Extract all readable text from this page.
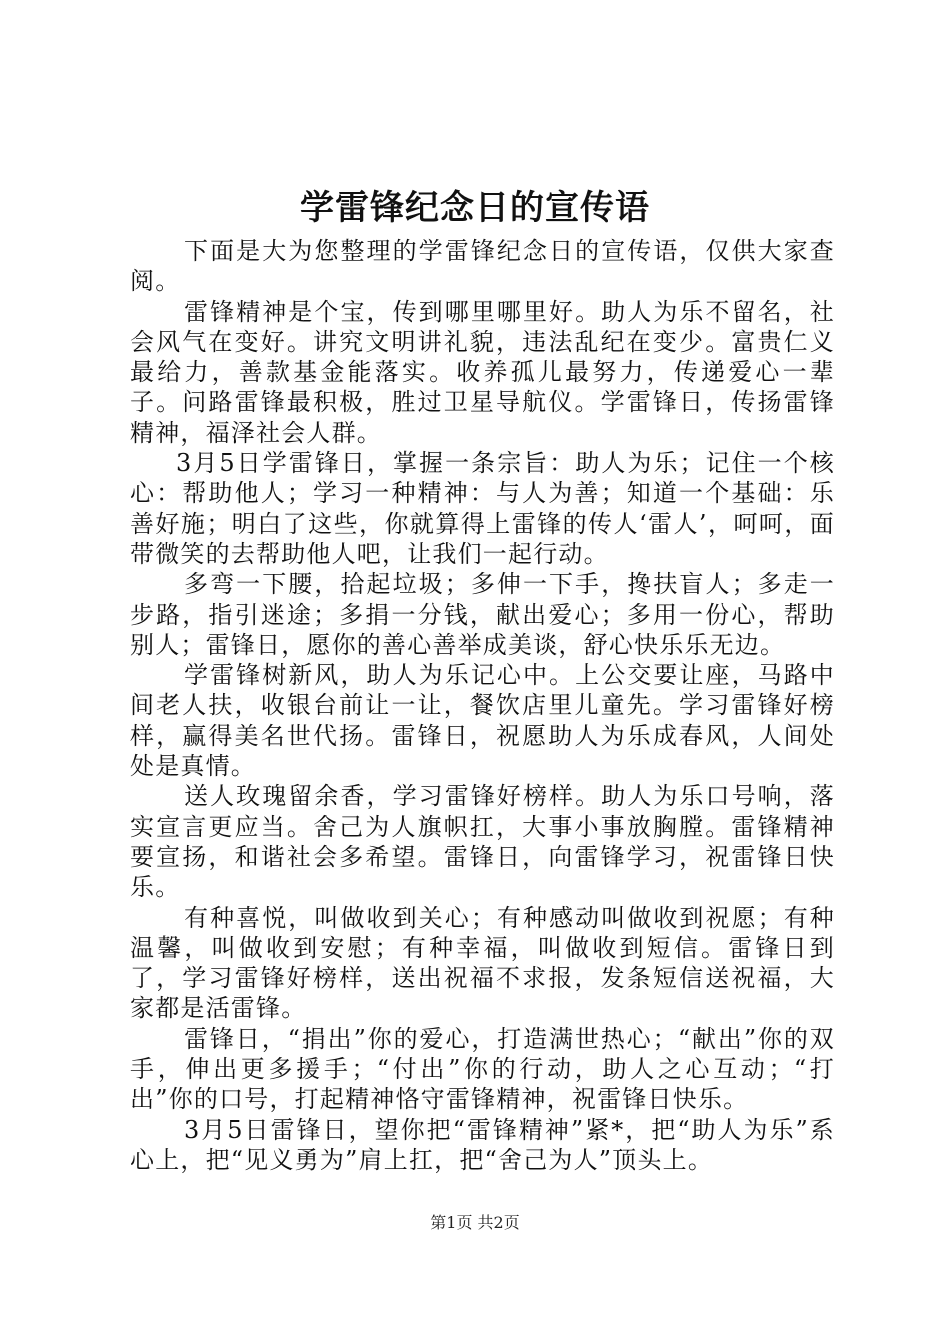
学雷锋纪念日的宣传语

下面是大为您整理的学雷锋纪念日的宣传语，仅供大家查阅。

雷锋精神是个宝，传到哪里哪里好。助人为乐不留名，社会风气在变好。讲究文明讲礼貌，违法乱纪在变少。富贵仁义最给力，善款基金能落实。收养孤儿最努力，传递爱心一辈子。问路雷锋最积极，胜过卫星导航仪。学雷锋日，传扬雷锋精神，福泽社会人群。

3月5日学雷锋日，掌握一条宗旨：助人为乐；记住一个核心：帮助他人；学习一种精神：与人为善；知道一个基础：乐善好施；明白了这些，你就算得上雷锋的传人‘雷人’，呵呵，面带微笑的去帮助他人吧，让我们一起行动。

多弯一下腰，拾起垃圾；多伸一下手，搀扶盲人；多走一步路，指引迷途；多捐一分钱，献出爱心；多用一份心，帮助别人；雷锋日，愿你的善心善举成美谈，舒心快乐乐无边。

学雷锋树新风，助人为乐记心中。上公交要让座，马路中间老人扶，收银台前让一让，餐饮店里儿童先。学习雷锋好榜样，赢得美名世代扬。雷锋日，祝愿助人为乐成春风，人间处处是真情。

送人玫瑰留余香，学习雷锋好榜样。助人为乐口号响，落实宣言更应当。舍己为人旗帜扛，大事小事放胸膛。雷锋精神要宣扬，和谐社会多希望。雷锋日，向雷锋学习，祝雷锋日快乐。

有种喜悦，叫做收到关心；有种感动叫做收到祝愿；有种温馨，叫做收到安慰；有种幸福，叫做收到短信。雷锋日到了，学习雷锋好榜样，送出祝福不求报，发条短信送祝福，大家都是活雷锋。

雷锋日，“捐出”你的爱心，打造满世热心；“献出”你的双手，伸出更多援手；“付出”你的行动，助人之心互动；“打出”你的口号，打起精神恪守雷锋精神，祝雷锋日快乐。

3月5日雷锋日，望你把“雷锋精神”紧*，把“助人为乐”系心上，把“见义勇为”肩上扛，把“舍己为人”顶头上。

第1页 共2页
